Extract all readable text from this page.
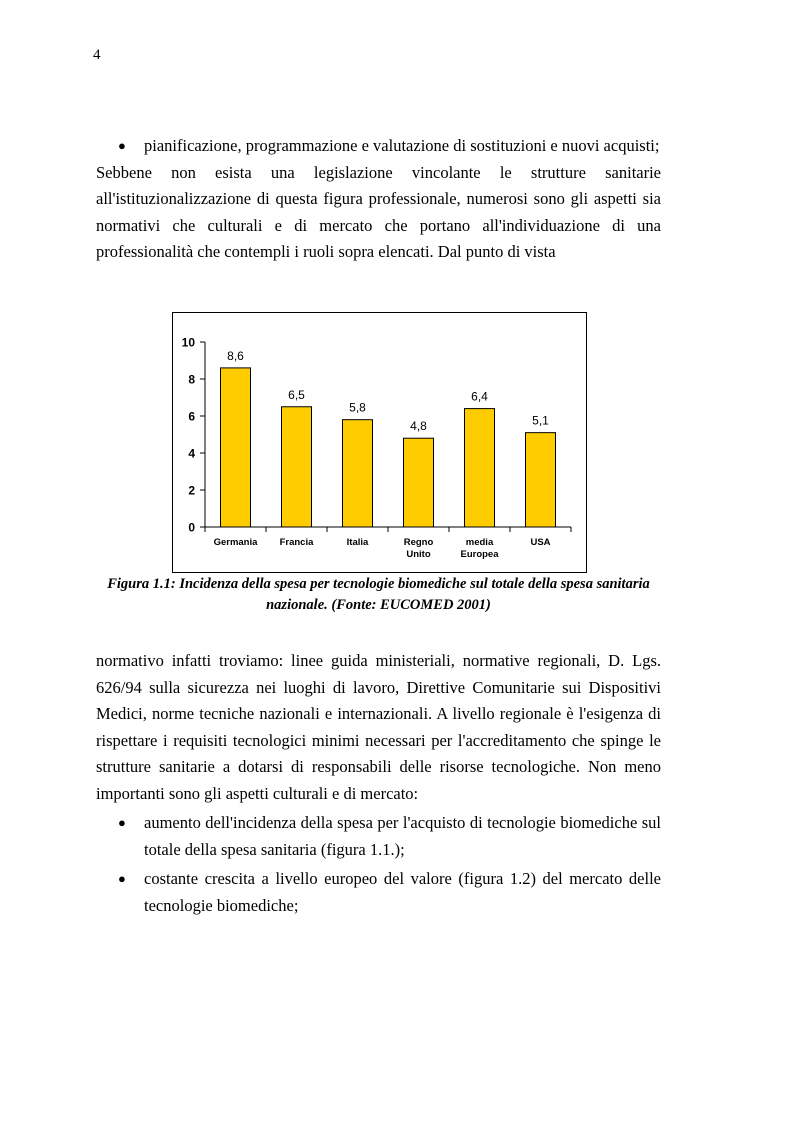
4
● pianificazione, programmazione e valutazione di sostituzioni e nuovi acquisti;
Sebbene non esista una legislazione vincolante le strutture sanitarie all'istituzionalizzazione di questa figura professionale, numerosi sono gli aspetti sia normativi che culturali e di mercato che portano all'individuazione di una professionalità che contempli i ruoli sopra elencati. Dal punto di vista
0
2
4
6
8
10
8,6
Germania
6,5
Francia
5,8
Italia
4,8
Regno
Unito
6,4
media
Europea
5,1
USA
Figura 1.1: Incidenza della spesa per tecnologie biomediche sul totale della spesa sanitaria nazionale. (Fonte: EUCOMED 2001)
normativo infatti troviamo: linee guida ministeriali, normative regionali, D. Lgs. 626/94 sulla sicurezza nei luoghi di lavoro, Direttive Comunitarie sui Dispositivi Medici, norme tecniche nazionali e internazionali. A livello regionale è l'esigenza di rispettare i requisiti tecnologici minimi necessari per l'accreditamento che spinge le strutture sanitarie a dotarsi di responsabili delle risorse tecnologiche. Non meno importanti sono gli aspetti culturali e di mercato:
● aumento dell'incidenza della spesa per l'acquisto di tecnologie biomediche sul totale della spesa sanitaria (figura 1.1.);
● costante crescita a livello europeo del valore (figura 1.2) del mercato delle tecnologie biomediche;
